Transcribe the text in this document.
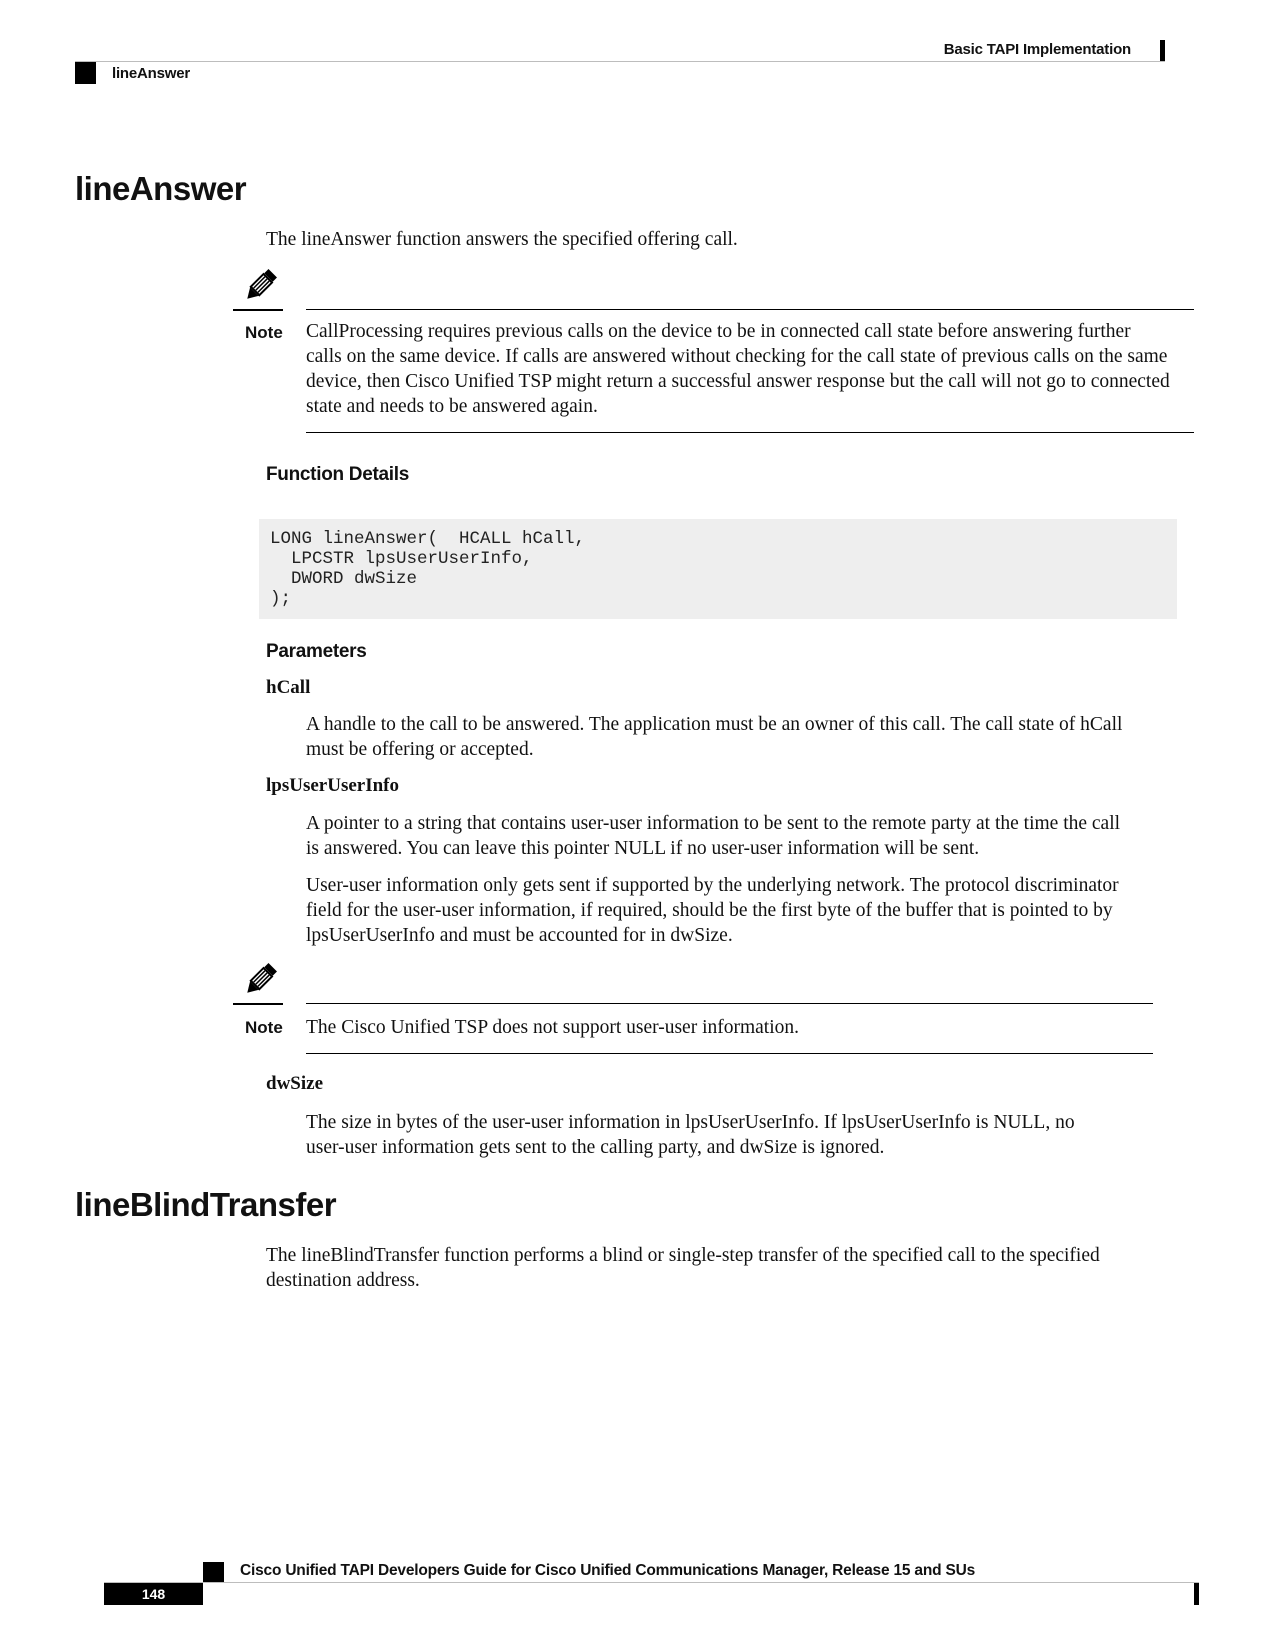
Basic TAPI Implementation
lineAnswer
lineAnswer
The lineAnswer function answers the specified offering call.
Note CallProcessing requires previous calls on the device to be in connected call state before answering further
calls on the same device. If calls are answered without checking for the call state of previous calls on the same
device, then Cisco Unified TSP might return a successful answer response but the call will not go to connected
state and needs to be answered again.
Function Details
LONG lineAnswer(  HCALL hCall,
LPCSTR lpsUserUserInfo,
DWORD dwSize
);
Parameters
hCall
A handle to the call to be answered. The application must be an owner of this call. The call state of hCall
must be offering or accepted.
lpsUserUserInfo
A pointer to a string that contains user-user information to be sent to the remote party at the time the call
is answered. You can leave this pointer NULL if no user-user information will be sent.
User-user information only gets sent if supported by the underlying network. The protocol discriminator
field for the user-user information, if required, should be the first byte of the buffer that is pointed to by
lpsUserUserInfo and must be accounted for in dwSize.
Note The Cisco Unified TSP does not support user-user information.
dwSize
The size in bytes of the user-user information in lpsUserUserInfo. If lpsUserUserInfo is NULL, no
user-user information gets sent to the calling party, and dwSize is ignored.
lineBlindTransfer
The lineBlindTransfer function performs a blind or single-step transfer of the specified call to the specified
destination address.
Cisco Unified TAPI Developers Guide for Cisco Unified Communications Manager, Release 15 and SUs
148
